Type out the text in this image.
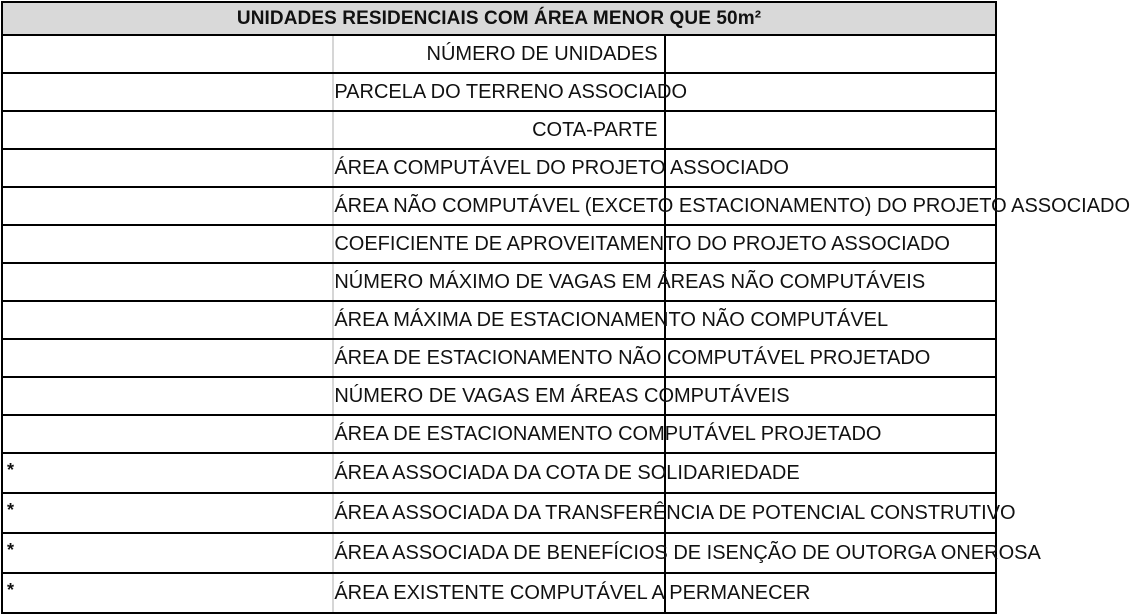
UNIDADES RESIDENCIAIS COM ÁREA MENOR QUE 50m²		
	NÚMERO DE UNIDADES	
	PARCELA DO TERRENO ASSOCIADO	
	COTA-PARTE	
	ÁREA COMPUTÁVEL DO PROJETO ASSOCIADO	
	ÁREA NÃO COMPUTÁVEL (EXCETO ESTACIONAMENTO) DO PROJETO ASSOCIADO	
	COEFICIENTE DE APROVEITAMENTO DO PROJETO ASSOCIADO	
	NÚMERO MÁXIMO DE VAGAS EM ÁREAS NÃO COMPUTÁVEIS	
	ÁREA MÁXIMA DE ESTACIONAMENTO NÃO COMPUTÁVEL	
	ÁREA DE ESTACIONAMENTO NÃO COMPUTÁVEL PROJETADO	
	NÚMERO DE VAGAS EM ÁREAS COMPUTÁVEIS	
	ÁREA DE ESTACIONAMENTO COMPUTÁVEL PROJETADO	
*	ÁREA ASSOCIADA DA COTA DE SOLIDARIEDADE	
*	ÁREA ASSOCIADA DA TRANSFERÊNCIA DE POTENCIAL CONSTRUTIVO	
*	ÁREA ASSOCIADA DE BENEFÍCIOS DE ISENÇÃO DE OUTORGA ONEROSA	
*	ÁREA EXISTENTE COMPUTÁVEL A PERMANECER	
